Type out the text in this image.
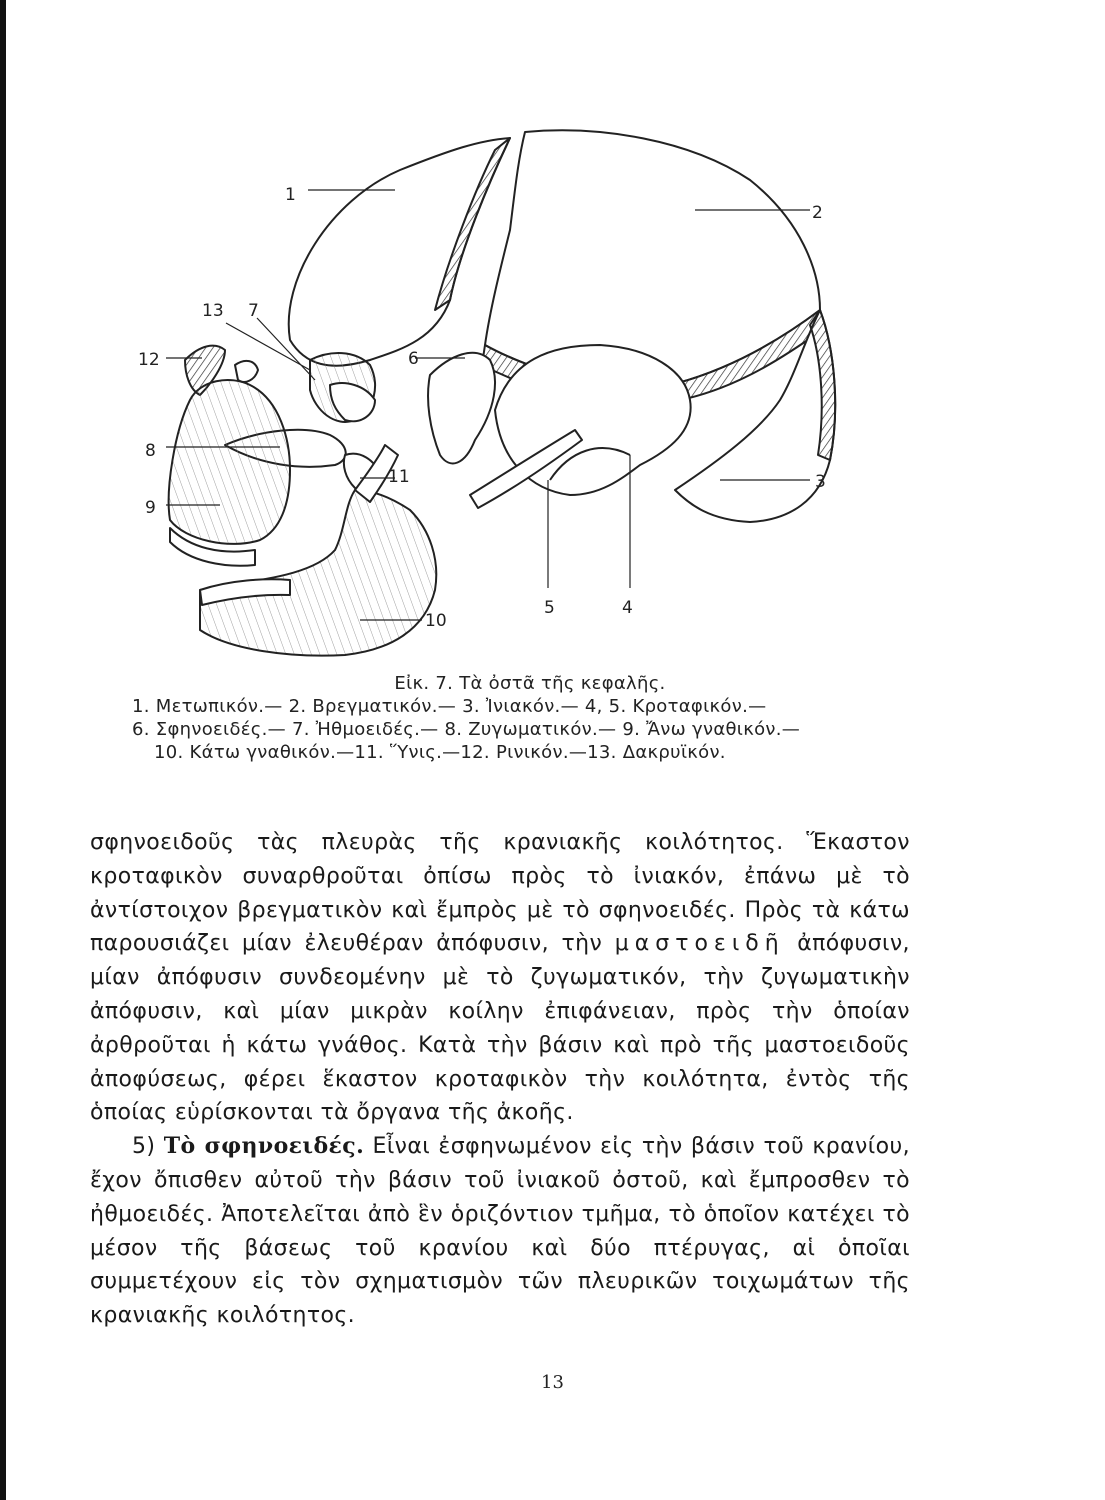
1
2
3
4
5
6
7
8
9
10
11
12
13
Εἰκ. 7. Τὰ ὀστᾶ τῆς κεφαλῆς.
1. Μετωπικόν.— 2. Βρεγματικόν.— 3. Ἰνιακόν.— 4, 5. Κροταφικόν.—
6. Σφηνοειδές.— 7. Ἠθμοειδές.— 8. Ζυγωματικόν.— 9. Ἄνω γναθικόν.—
10. Κάτω γναθικόν.—11. Ὕνις.—12. Ρινικόν.—13. Δακρυϊκόν.

σφηνοειδοῦς τὰς πλευρὰς τῆς κρανιακῆς κοιλότητος. Ἕκαστον κροταφικὸν συναρθροῦται ὀπίσω πρὸς τὸ ἰνιακόν, ἐπάνω μὲ τὸ ἀντίστοιχον βρεγματικὸν καὶ ἔμπρὸς μὲ τὸ σφηνοειδές. Πρὸς τὰ κάτω παρουσιάζει μίαν ἐλευθέραν ἀπόφυσιν, τὴν μαστοειδῆ ἀπόφυσιν, μίαν ἀπόφυσιν συνδεομένην μὲ τὸ ζυγωματικόν, τὴν ζυγωματικὴν ἀπόφυσιν, καὶ μίαν μικρὰν κοίλην ἐπιφάνειαν, πρὸς τὴν ὁποίαν ἀρθροῦται ἡ κάτω γνάθος. Κατὰ τὴν βάσιν καὶ πρὸ τῆς μαστοειδοῦς ἀποφύσεως, φέρει ἕκαστον κροταφικὸν τὴν κοιλότητα, ἐντὸς τῆς ὁποίας εὑρίσκονται τὰ ὄργανα τῆς ἀκοῆς.

5) Τὸ σφηνοειδές. Εἶναι ἐσφηνωμένον εἰς τὴν βάσιν τοῦ κρανίου, ἔχον ὄπισθεν αὐτοῦ τὴν βάσιν τοῦ ἰνιακοῦ ὀστοῦ, καὶ ἔμπροσθεν τὸ ἠθμοειδές. Ἀποτελεῖται ἀπὸ ἓν ὁριζόντιον τμῆμα, τὸ ὁποῖον κατέχει τὸ μέσον τῆς βάσεως τοῦ κρανίου καὶ δύο πτέρυγας, αἱ ὁποῖαι συμμετέχουν εἰς τὸν σχηματισμὸν τῶν πλευρικῶν τοιχωμάτων τῆς κρανιακῆς κοιλότητος.

13
